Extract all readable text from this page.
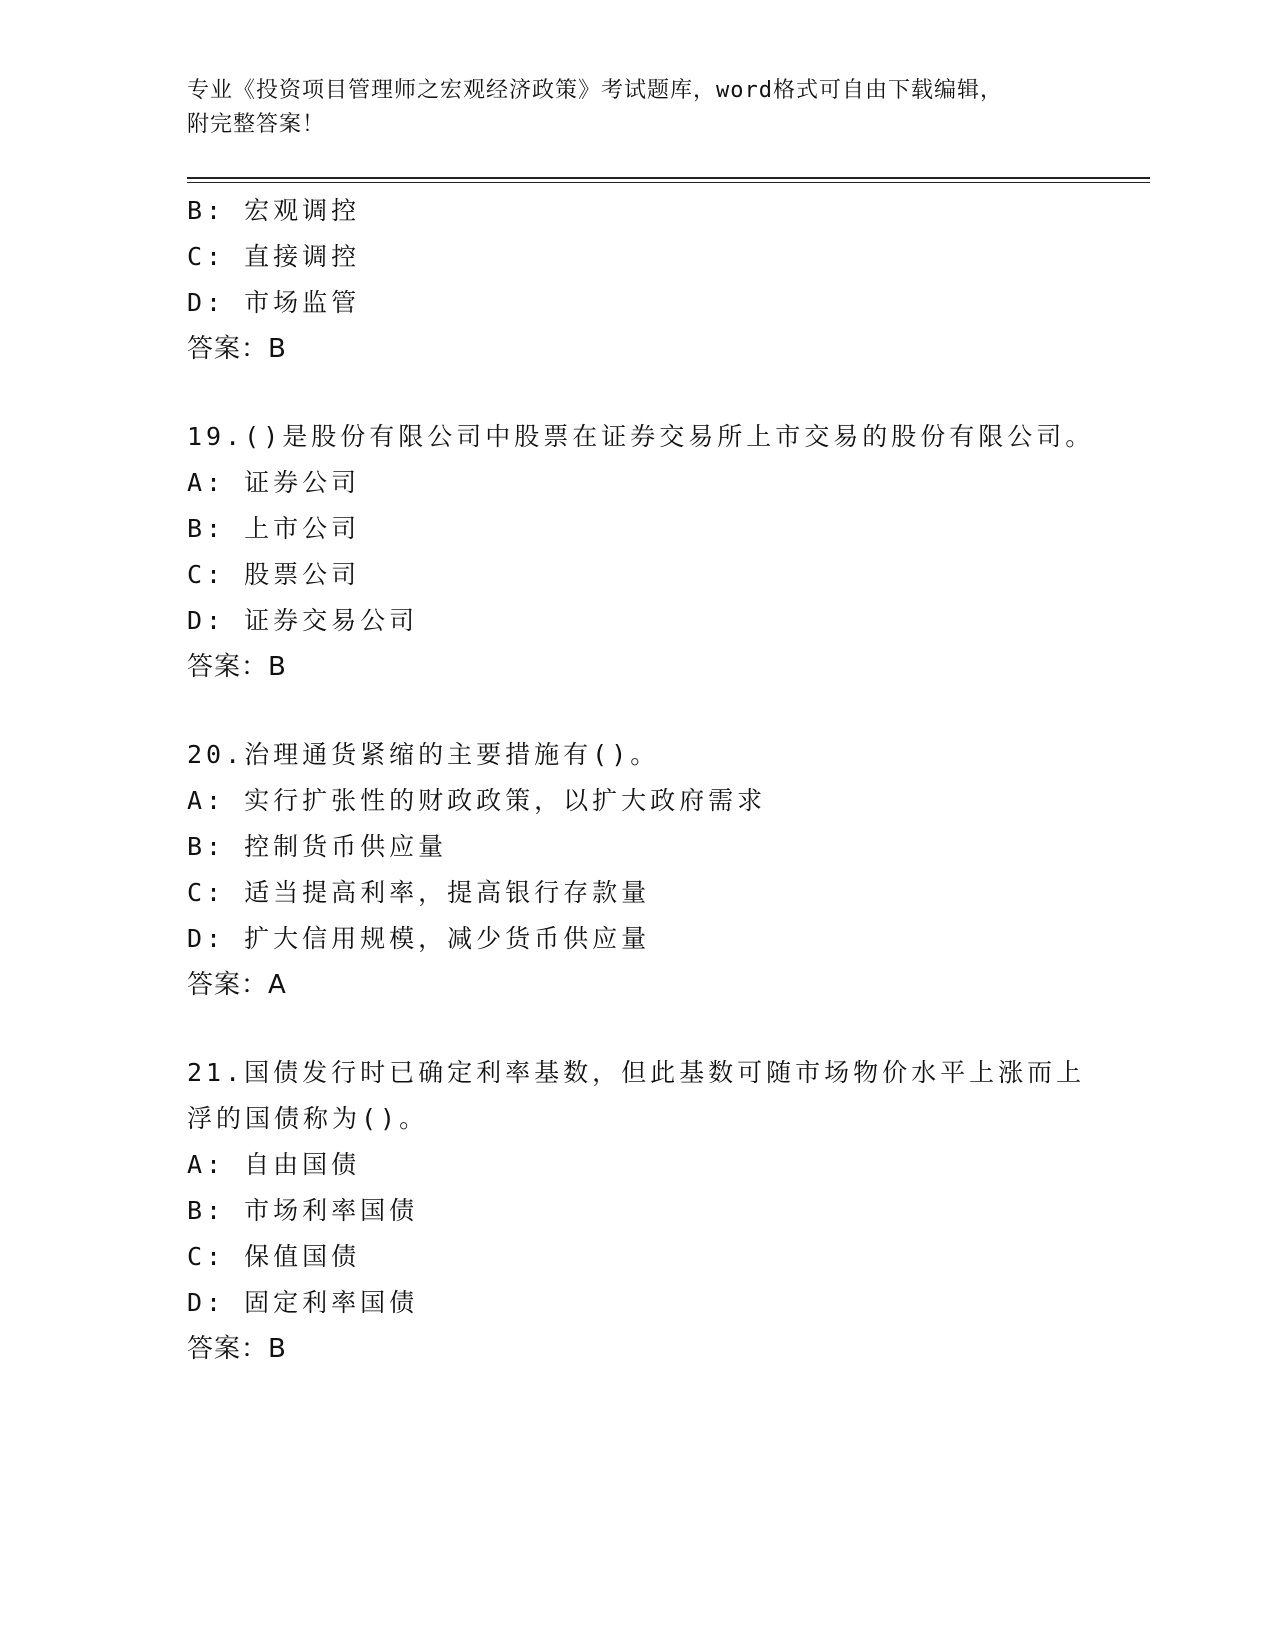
专业《投资项目管理师之宏观经济政策》考试题库，word格式可自由下载编辑，
附完整答案！
B: 宏观调控
C: 直接调控
D: 市场监管
答案：B
19.()是股份有限公司中股票在证券交易所上市交易的股份有限公司。
A: 证券公司
B: 上市公司
C: 股票公司
D: 证券交易公司
答案：B
20.治理通货紧缩的主要措施有()。
A: 实行扩张性的财政政策，以扩大政府需求
B: 控制货币供应量
C: 适当提高利率，提高银行存款量
D: 扩大信用规模，减少货币供应量
答案：A
21.国债发行时已确定利率基数，但此基数可随市场物价水平上涨而上
浮的国债称为()。
A: 自由国债
B: 市场利率国债
C: 保值国债
D: 固定利率国债
答案：B
